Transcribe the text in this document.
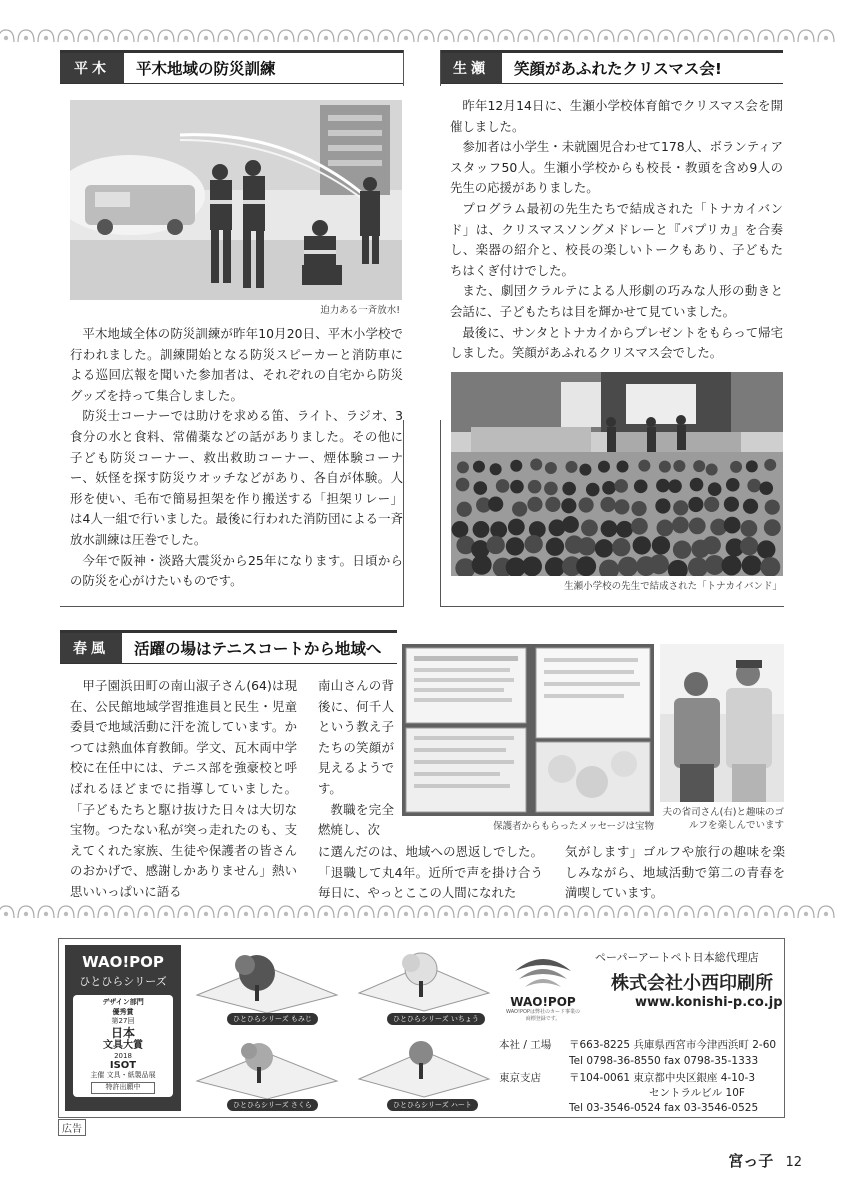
平木	平木地域の防災訓練
迫力ある一斉放水!

平木地域全体の防災訓練が昨年10月20日、平木小学校で行われました。訓練開始となる防災スピーカーと消防車による巡回広報を聞いた参加者は、それぞれの自宅から防災グッズを持って集合しました。

防災士コーナーでは助けを求める笛、ライト、ラジオ、3食分の水と食料、常備薬などの話がありました。その他に子ども防災コーナー、救出救助コーナー、煙体験コーナー、妖怪を探す防災ウオッチなどがあり、各自が体験。人形を使い、毛布で簡易担架を作り搬送する「担架リレー」は4人一組で行いました。最後に行われた消防団による一斉放水訓練は圧巻でした。

今年で阪神・淡路大震災から25年になります。日頃からの防災を心がけたいものです。

生瀬	笑顔があふれたクリスマス会!

昨年12月14日に、生瀬小学校体育館でクリスマス会を開催しました。

参加者は小学生・未就園児合わせて178人、ボランティアスタッフ50人。生瀬小学校からも校長・教頭を含め9人の先生の応援がありました。

プログラム最初の先生たちで結成された「トナカイバンド」は、クリスマスソングメドレーと『パプリカ』を合奏し、楽器の紹介と、校長の楽しいトークもあり、子どもたちはくぎ付けでした。

また、劇団クラルテによる人形劇の巧みな人形の動きと会話に、子どもたちは目を輝かせて見ていました。

最後に、サンタとトナカイからプレゼントをもらって帰宅しました。笑顔があふれるクリスマス会でした。

生瀬小学校の先生で結成された「トナカイバンド」
春風	活躍の場はテニスコートから地域へ

甲子園浜田町の南山淑子さん(64)は現在、公民館地域学習推進員と民生・児童委員で地域活動に汗を流しています。かつては熱血体育教師。学文、瓦木両中学校に在任中には、テニス部を強豪校と呼ばれるほどまでに指導していました。「子どもたちと駆け抜けた日々は大切な宝物。つたない私が突っ走れたのも、支えてくれた家族、生徒や保護者の皆さんのおかげで、感謝しかありません」熱い思いいっぱいに語る

南山さんの背後に、何千人という教え子たちの笑顔が見えるようです。

教職を完全燃焼し、次

に選んだのは、地域への恩返しでした。「退職して丸4年。近所で声を掛け合う毎日に、やっとここの人間になれた

気がします」ゴルフや旅行の趣味を楽しみながら、地域活動で第二の青春を満喫しています。

保護者からもらったメッセージは宝物
夫の省司さん(右)と趣味のゴルフを楽しんでいます
WAO!POP
ひとひらシリーズ
デザイン部門
優秀賞
第27回
日本
文具大賞
2018
ISOT
主催 文具・紙製品展
特許出願中
ひとひらシリーズ もみじ	ひとひらシリーズ いちょう
ひとひらシリーズ さくら	ひとひらシリーズ ハート
WAO!POP
WAO!POPは弊社のカード事業の商標登録です。
ペーパーアートペト日本総代理店
株式会社小西印刷所
www.konishi-p.co.jp
本社 / 工場	〒663-8225 兵庫県西宮市今津西浜町 2-60
Tel 0798-36-8550 fax 0798-35-1333
東京支店	〒104-0061 東京都中央区銀座 4-10-3
セントラルビル 10F
Tel 03-3546-0524 fax 03-3546-0525
広告
宮っ子 12
